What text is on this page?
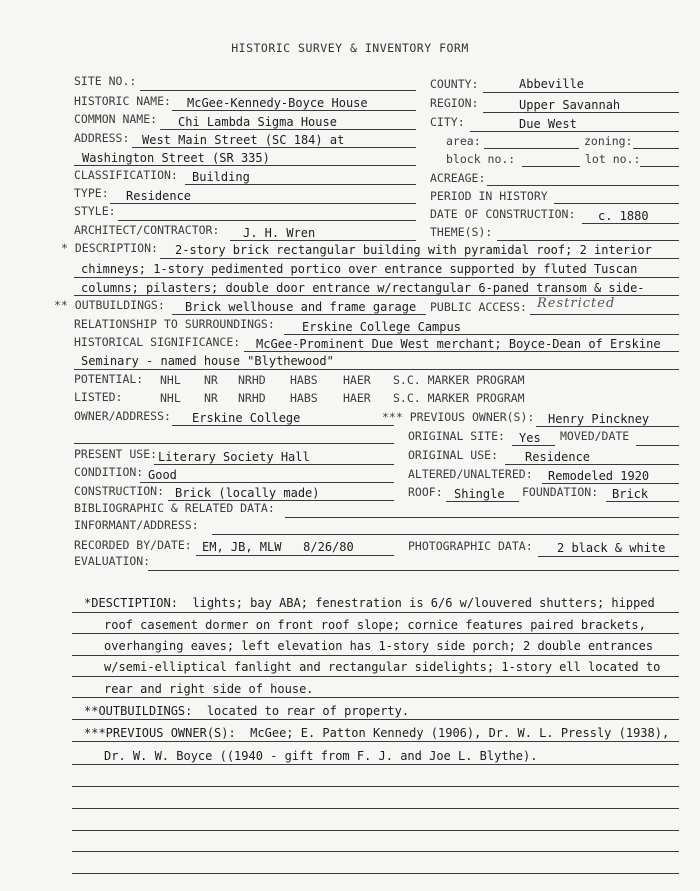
HISTORIC SURVEY & INVENTORY FORM
SITE NO.:	COUNTY:	Abbeville
HISTORIC NAME: McGee-Kennedy-Boyce House	REGION:	Upper Savannah
COMMON NAME: Chi Lambda Sigma House	CITY:	Due West
ADDRESS: West Main Street (SC 184) at	area:	zoning:
Washington Street (SR 335)	block no.:	lot no.:
CLASSIFICATION: Building	ACREAGE:
TYPE: Residence	PERIOD IN HISTORY
STYLE:	DATE OF CONSTRUCTION: c. 1880
ARCHITECT/CONTRACTOR: J. H. Wren	THEME(S):
* DESCRIPTION: 2-story brick rectangular building with pyramidal roof; 2 interior
chimneys; 1-story pedimented portico over entrance supported by fluted Tuscan
columns; pilasters; double door entrance w/rectangular 6-paned transom & side-
** OUTBUILDINGS: Brick wellhouse and frame garage PUBLIC ACCESS: Restricted
RELATIONSHIP TO SURROUNDINGS: Erskine College Campus
HISTORICAL SIGNIFICANCE: McGee-Prominent Due West merchant; Boyce-Dean of Erskine
Seminary - named house "Blythewood"
POTENTIAL: NHL NR NRHD HABS HAER S.C. MARKER PROGRAM
LISTED:	NHL NR NRHD HABS HAER S.C. MARKER PROGRAM
OWNER/ADDRESS: Erskine College	*** PREVIOUS OWNER(S): Henry Pinckney
ORIGINAL SITE: Yes MOVED/DATE
PRESENT USE: Literary Society Hall	ORIGINAL USE: Residence
CONDITION: Good	ALTERED/UNALTERED: Remodeled 1920
CONSTRUCTION: Brick (locally made)	ROOF: Shingle FOUNDATION: Brick
BIBLIOGRAPHIC & RELATED DATA:
INFORMANT/ADDRESS:
RECORDED BY/DATE: EM, JB, MLW   8/26/80	PHOTOGRAPHIC DATA: 2 black & white
EVALUATION:
*DESCTIPTION:  lights; bay ABA; fenestration is 6/6 w/louvered shutters; hipped
roof casement dormer on front roof slope; cornice features paired brackets,
overhanging eaves; left elevation has 1-story side porch; 2 double entrances
w/semi-elliptical fanlight and rectangular sidelights; 1-story ell located to
rear and right side of house.
**OUTBUILDINGS:  located to rear of property.
***PREVIOUS OWNER(S):  McGee; E. Patton Kennedy (1906), Dr. W. L. Pressly (1938),
Dr. W. W. Boyce ((1940 - gift from F. J. and Joe L. Blythe).
